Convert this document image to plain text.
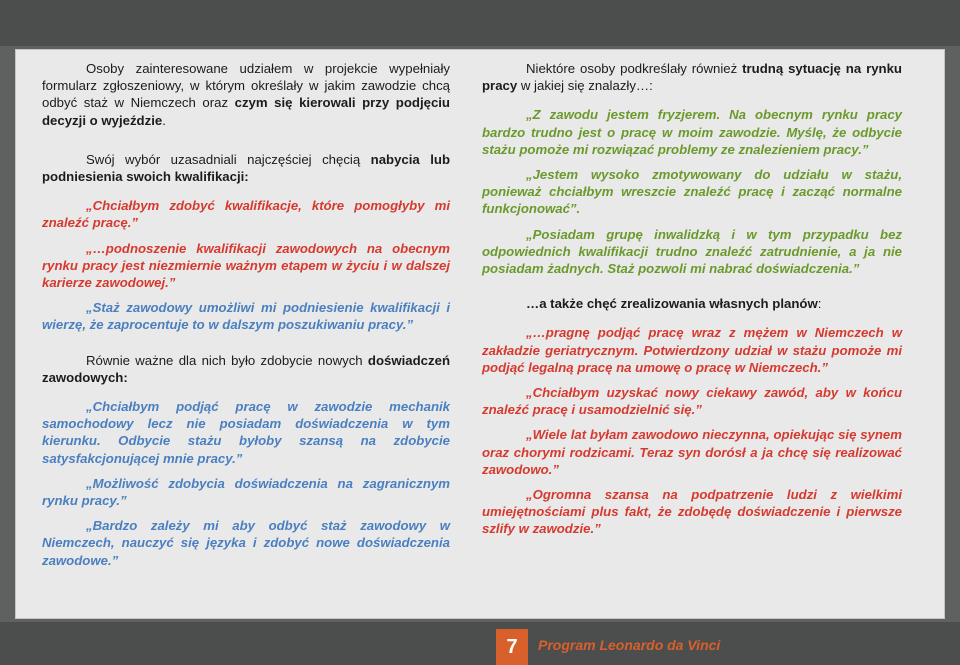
Osoby zainteresowane udziałem w projekcie wypełniały formularz zgłoszeniowy, w którym określały w jakim zawodzie chcą odbyć staż w Niemczech oraz czym się kierowali przy podjęciu decyzji o wyjeździe.

Swój wybór uzasadniali najczęściej chęcią nabycia lub podniesienia swoich kwalifikacji:

„Chciałbym zdobyć kwalifikacje, które pomogłyby mi znaleźć pracę.”
„…podnoszenie kwalifikacji zawodowych na obecnym rynku pracy jest niezmiernie ważnym etapem w życiu i w dalszej karierze zawodowej.”
„Staż zawodowy umożliwi mi podniesienie kwalifikacji i wierzę, że zaprocentuje to w dalszym poszukiwaniu pracy.”

Równie ważne dla nich było zdobycie nowych doświadczeń zawodowych:

„Chciałbym podjąć pracę w zawodzie mechanik samochodowy lecz nie posiadam doświadczenia w tym kierunku. Odbycie stażu byłoby szansą na zdobycie satysfakcjonującej mnie pracy.”
„Możliwość zdobycia doświadczenia na zagranicznym rynku pracy.”
„Bardzo zależy mi aby odbyć staż zawodowy w Niemczech, nauczyć się języka i zdobyć nowe doświadczenia zawodowe.”

Niektóre osoby podkreślały również trudną sytuację na rynku pracy w jakiej się znalazły…:

„Z zawodu jestem fryzjerem. Na obecnym rynku pracy bardzo trudno jest o pracę w moim zawodzie. Myślę, że odbycie stażu pomoże mi rozwiązać problemy ze znalezieniem pracy.”
„Jestem wysoko zmotywowany do udziału w stażu, ponieważ chciałbym wreszcie znaleźć pracę i zacząć normalne funkcjonować”.
„Posiadam grupę inwalidzką i w tym przypadku bez odpowiednich kwalifikacji trudno znaleźć zatrudnienie, a ja nie posiadam żadnych. Staż pozwoli mi nabrać doświadczenia.”

…a także chęć zrealizowania własnych planów:

„…pragnę podjąć pracę wraz z mężem w Niemczech w zakładzie geriatrycznym. Potwierdzony udział w stażu pomoże mi podjąć legalną pracę na umowę o pracę w Niemczech.”
„Chciałbym uzyskać nowy ciekawy zawód, aby w końcu znaleźć pracę i usamodzielnić się.”
„Wiele lat byłam zawodowo nieczynna, opiekując się synem oraz chorymi rodzicami. Teraz syn dorósł a ja chcę się realizować zawodowo.”
„Ogromna szansa na podpatrzenie ludzi z wielkimi umiejętnościami plus fakt, że zdobędę doświadczenie i pierwsze szlify w zawodzie.”
7	Program Leonardo da Vinci
